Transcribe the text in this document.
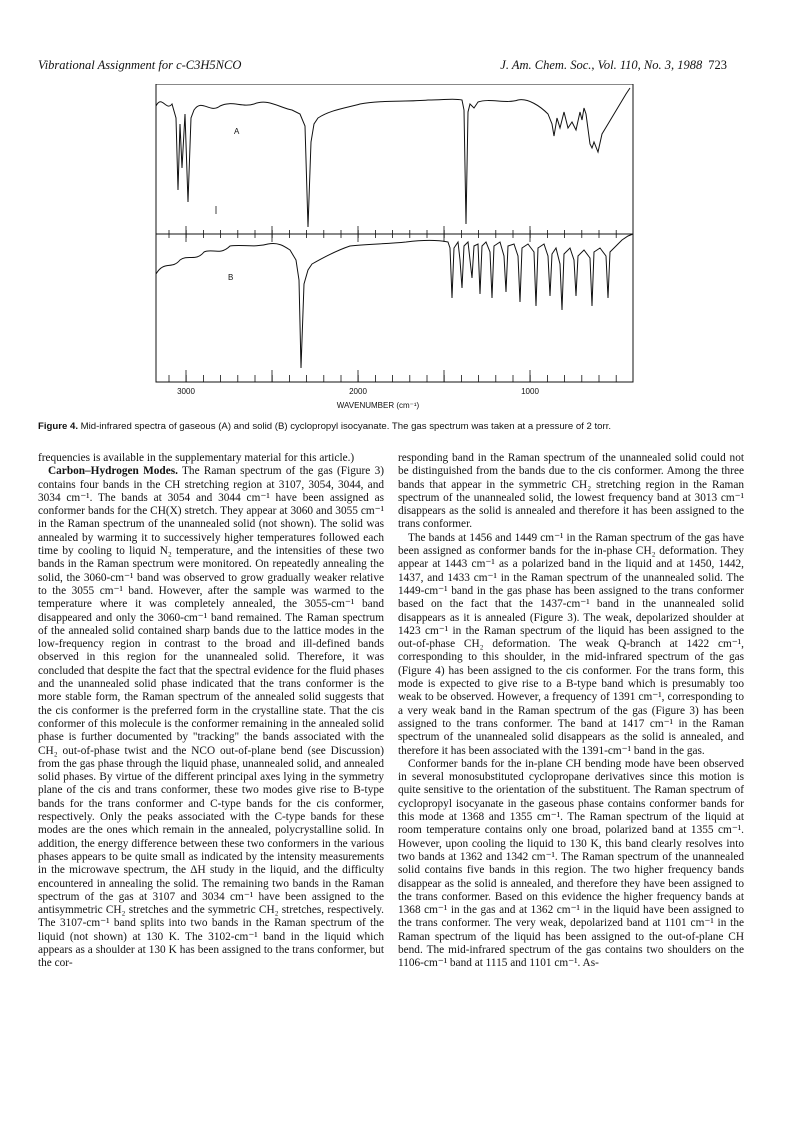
Vibrational Assignment for c-C3H5NCO	J. Am. Chem. Soc., Vol. 110, No. 3, 1988 723
A
B
3000	2000	1000
WAVENUMBER (cm⁻¹)
Figure 4. Mid-infrared spectra of gaseous (A) and solid (B) cyclopropyl isocyanate. The gas spectrum was taken at a pressure of 2 torr.

frequencies is available in the supplementary material for this article.)

Carbon–Hydrogen Modes. The Raman spectrum of the gas (Figure 3) contains four bands in the CH stretching region at 3107, 3054, 3044, and 3034 cm⁻¹. The bands at 3054 and 3044 cm⁻¹ have been assigned as conformer bands for the CH(X) stretch. They appear at 3060 and 3055 cm⁻¹ in the Raman spectrum of the unannealed solid (not shown). The solid was annealed by warming it to successively higher temperatures followed each time by cooling to liquid N₂ temperature, and the intensities of these two bands in the Raman spectrum were monitored. On repeatedly annealing the solid, the 3060-cm⁻¹ band was observed to grow gradually weaker relative to the 3055 cm⁻¹ band. However, after the sample was warmed to the temperature where it was completely annealed, the 3055-cm⁻¹ band disappeared and only the 3060-cm⁻¹ band remained. The Raman spectrum of the annealed solid contained sharp bands due to the lattice modes in the low-frequency region in contrast to the broad and ill-defined bands observed in this region for the unannealed solid. Therefore, it was concluded that despite the fact that the spectral evidence for the fluid phases and the unannealed solid phase indicated that the trans conformer is the more stable form, the Raman spectrum of the annealed solid suggests that the cis conformer is the preferred form in the crystalline state. That the cis conformer of this molecule is the conformer remaining in the annealed solid phase is further documented by "tracking" the bands associated with the CH₂ out-of-phase twist and the NCO out-of-plane bend (see Discussion) from the gas phase through the liquid phase, unannealed solid, and annealed solid phases. By virtue of the different principal axes lying in the symmetry plane of the cis and trans conformer, these two modes give rise to B-type bands for the trans conformer and C-type bands for the cis conformer, respectively. Only the peaks associated with the C-type bands for these modes are the ones which remain in the annealed, polycrystalline solid. In addition, the energy difference between these two conformers in the various phases appears to be quite small as indicated by the intensity measurements in the microwave spectrum, the ΔH study in the liquid, and the difficulty encountered in annealing the solid. The remaining two bands in the Raman spectrum of the gas at 3107 and 3034 cm⁻¹ have been assigned to the antisymmetric CH₂ stretches and the symmetric CH₂ stretches, respectively. The 3107-cm⁻¹ band splits into two bands in the Raman spectrum of the liquid (not shown) at 130 K. The 3102-cm⁻¹ band in the liquid which appears as a shoulder at 130 K has been assigned to the trans conformer, but the cor-

responding band in the Raman spectrum of the unannealed solid could not be distinguished from the bands due to the cis conformer. Among the three bands that appear in the symmetric CH₂ stretching region in the Raman spectrum of the unannealed solid, the lowest frequency band at 3013 cm⁻¹ disappears as the solid is annealed and therefore it has been assigned to the trans conformer.

The bands at 1456 and 1449 cm⁻¹ in the Raman spectrum of the gas have been assigned as conformer bands for the in-phase CH₂ deformation. They appear at 1443 cm⁻¹ as a polarized band in the liquid and at 1450, 1442, 1437, and 1433 cm⁻¹ in the Raman spectrum of the unannealed solid. The 1449-cm⁻¹ band in the gas phase has been assigned to the trans conformer based on the fact that the 1437-cm⁻¹ band in the unannealed solid disappears as it is annealed (Figure 3). The weak, depolarized shoulder at 1423 cm⁻¹ in the Raman spectrum of the liquid has been assigned to the out-of-phase CH₂ deformation. The weak Q-branch at 1422 cm⁻¹, corresponding to this shoulder, in the mid-infrared spectrum of the gas (Figure 4) has been assigned to the cis conformer. For the trans form, this mode is expected to give rise to a B-type band which is presumably too weak to be observed. However, a frequency of 1391 cm⁻¹, corresponding to a very weak band in the Raman spectrum of the gas (Figure 3) has been assigned to the trans conformer. The band at 1417 cm⁻¹ in the Raman spectrum of the unannealed solid disappears as the solid is annealed, and therefore it has been associated with the 1391-cm⁻¹ band in the gas.

Conformer bands for the in-plane CH bending mode have been observed in several monosubstituted cyclopropane derivatives since this motion is quite sensitive to the orientation of the substituent. The Raman spectrum of cyclopropyl isocyanate in the gaseous phase contains conformer bands for this mode at 1368 and 1355 cm⁻¹. The Raman spectrum of the liquid at room temperature contains only one broad, polarized band at 1355 cm⁻¹. However, upon cooling the liquid to 130 K, this band clearly resolves into two bands at 1362 and 1342 cm⁻¹. The Raman spectrum of the unannealed solid contains five bands in this region. The two higher frequency bands disappear as the solid is annealed, and therefore they have been assigned to the trans conformer. Based on this evidence the higher frequency bands at 1368 cm⁻¹ in the gas and at 1362 cm⁻¹ in the liquid have been assigned to the trans conformer. The very weak, depolarized band at 1101 cm⁻¹ in the Raman spectrum of the liquid has been assigned to the out-of-plane CH bend. The mid-infrared spectrum of the gas contains two shoulders on the 1106-cm⁻¹ band at 1115 and 1101 cm⁻¹. As-
